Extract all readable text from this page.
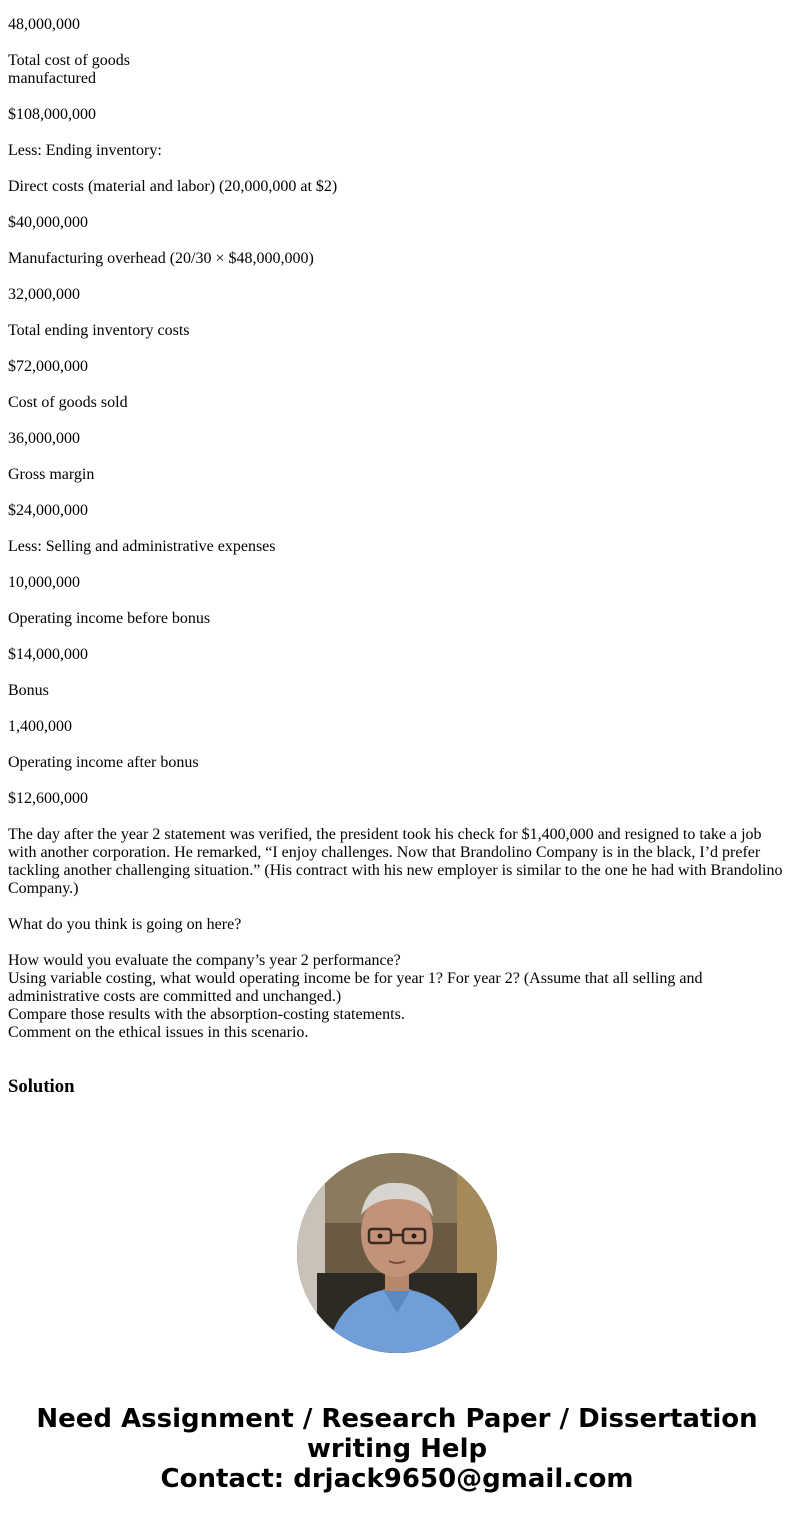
48,000,000

Total cost of goods manufactured

$108,000,000

Less: Ending inventory:

Direct costs (material and labor) (20,000,000 at $2)

$40,000,000

Manufacturing overhead (20/30 × $48,000,000)

32,000,000

Total ending inventory costs

$72,000,000

Cost of goods sold

36,000,000

Gross margin

$24,000,000

Less: Selling and administrative expenses

10,000,000

Operating income before bonus

$14,000,000

Bonus

1,400,000

Operating income after bonus

$12,600,000

The day after the year 2 statement was verified, the president took his check for $1,400,000 and resigned to take a job with another corporation. He remarked, “I enjoy challenges. Now that Brandolino Company is in the black, I’d prefer tackling another challenging situation.” (His contract with his new employer is similar to the one he had with Brandolino Company.)

What do you think is going on here?

How would you evaluate the company’s year 2 performance?
Using variable costing, what would operating income be for year 1? For year 2? (Assume that all selling and administrative costs are committed and unchanged.)
Compare those results with the absorption-costing statements.
Comment on the ethical issues in this scenario.
Solution

Need Assignment / Research Paper / Dissertation
writing Help
Contact: drjack9650@gmail.com
